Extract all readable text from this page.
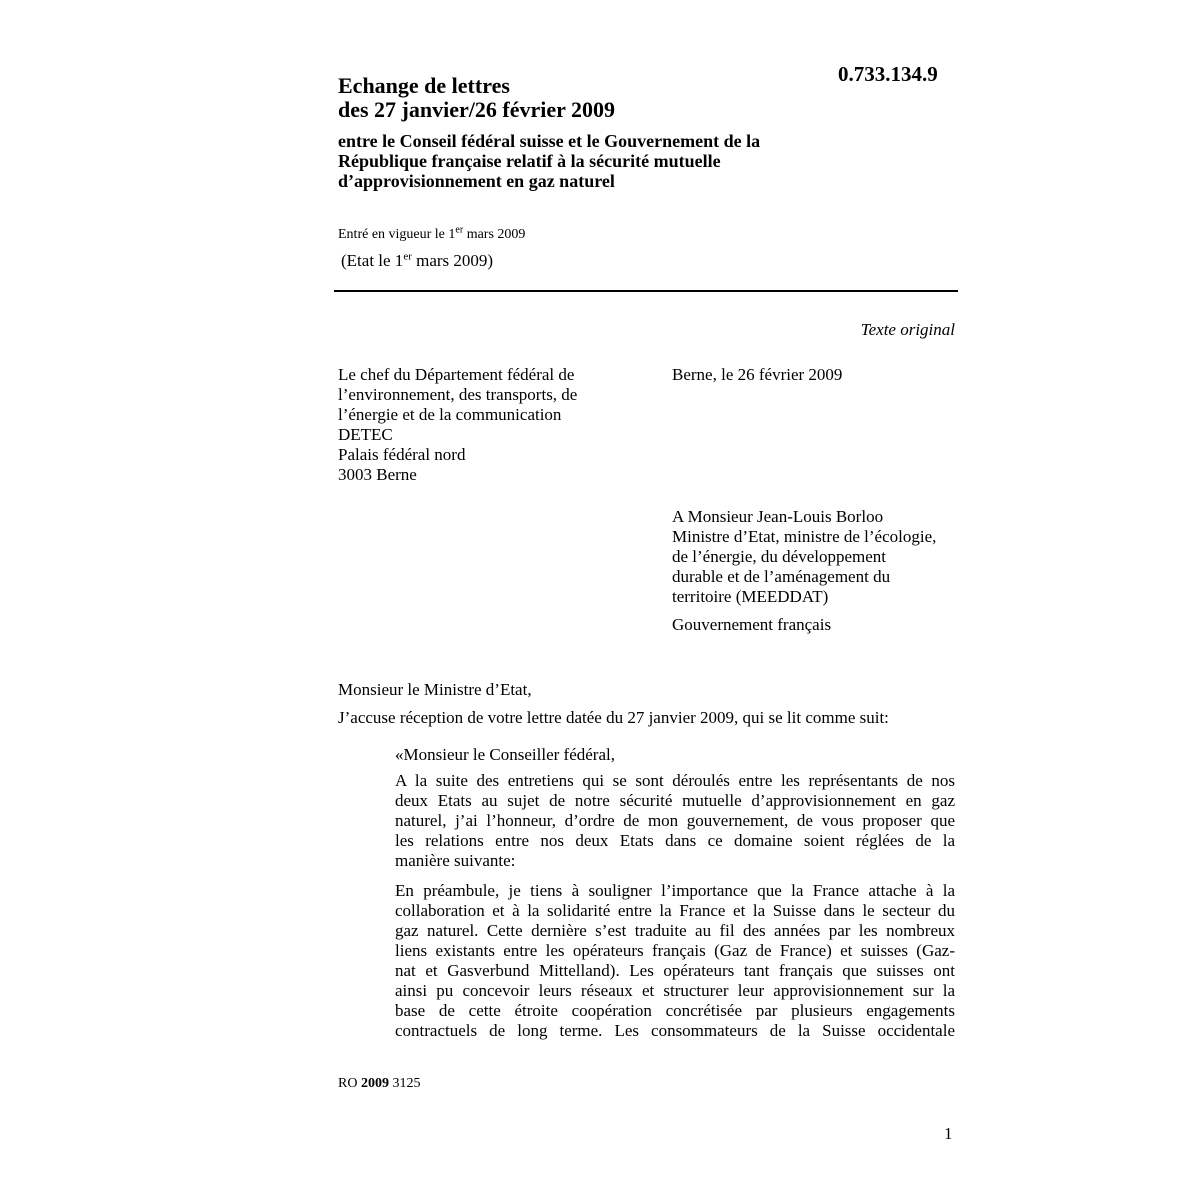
0.733.134.9
Echange de lettres
des 27 janvier/26 février 2009
entre le Conseil fédéral suisse et le Gouvernement de la
République française relatif à la sécurité mutuelle
d’approvisionnement en gaz naturel
Entré en vigueur le 1er mars 2009
(Etat le 1er mars 2009)
Texte original
Le chef du Département fédéral de
l’environnement, des transports, de
l’énergie et de la communication
DETEC
Palais fédéral nord
3003 Berne
Berne, le 26 février 2009
A Monsieur Jean-Louis Borloo
Ministre d’Etat, ministre de l’écologie,
de l’énergie, du développement
durable et de l’aménagement du
territoire (MEEDDAT)
Gouvernement français
Monsieur le Ministre d’Etat,
J’accuse réception de votre lettre datée du 27 janvier 2009, qui se lit comme suit:
«Monsieur le Conseiller fédéral,
A la suite des entretiens qui se sont déroulés entre les représentants de nos
deux Etats au sujet de notre sécurité mutuelle d’approvisionnement en gaz
naturel, j’ai l’honneur, d’ordre de mon gouvernement, de vous proposer que
les relations entre nos deux Etats dans ce domaine soient réglées de la
manière suivante:
En préambule, je tiens à souligner l’importance que la France attache à la
collaboration et à la solidarité entre la France et la Suisse dans le secteur du
gaz naturel. Cette dernière s’est traduite au fil des années par les nombreux
liens existants entre les opérateurs français (Gaz de France) et suisses (Gaz-
nat et Gasverbund Mittelland). Les opérateurs tant français que suisses ont
ainsi pu concevoir leurs réseaux et structurer leur approvisionnement sur la
base de cette étroite coopération concrétisée par plusieurs engagements
contractuels de long terme. Les consommateurs de la Suisse occidentale
RO 2009 3125
1
